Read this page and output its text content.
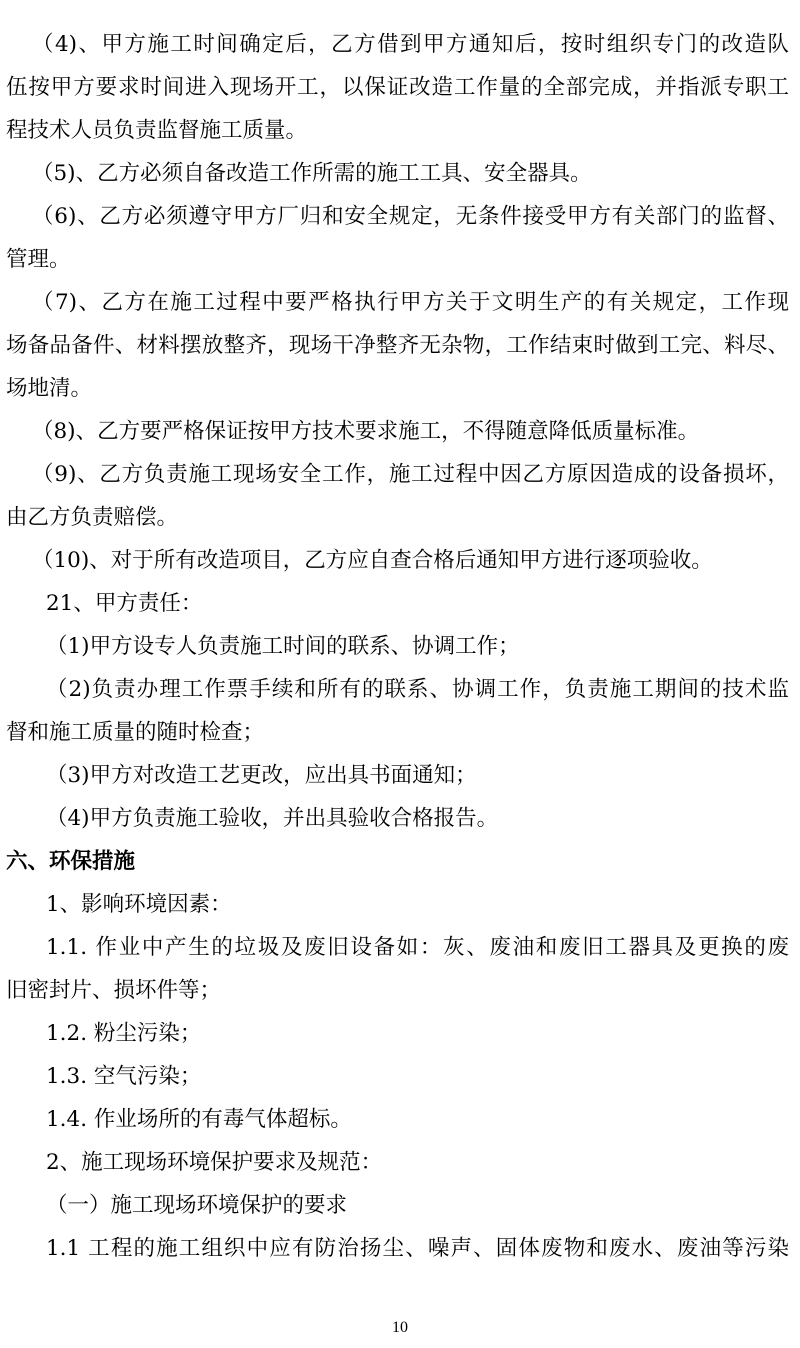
（4)、甲方施工时间确定后，乙方借到甲方通知后，按时组织专门的改造队
伍按甲方要求时间进入现场开工，以保证改造工作量的全部完成，并指派专职工
程技术人员负责监督施工质量。
（5)、乙方必须自备改造工作所需的施工工具、安全器具。
（6)、乙方必须遵守甲方厂归和安全规定，无条件接受甲方有关部门的监督、
管理。
（7)、乙方在施工过程中要严格执行甲方关于文明生产的有关规定，工作现
场备品备件、材料摆放整齐，现场干净整齐无杂物，工作结束时做到工完、料尽、
场地清。
（8)、乙方要严格保证按甲方技术要求施工，不得随意降低质量标准。
（9)、乙方负责施工现场安全工作，施工过程中因乙方原因造成的设备损坏，
由乙方负责赔偿。
（10)、对于所有改造项目，乙方应自查合格后通知甲方进行逐项验收。
21、甲方责任：
（1)甲方设专人负责施工时间的联系、协调工作；
（2)负责办理工作票手续和所有的联系、协调工作，负责施工期间的技术监
督和施工质量的随时检查；
（3)甲方对改造工艺更改，应出具书面通知；
（4)甲方负责施工验收，并出具验收合格报告。
六、环保措施
1、影响环境因素：
1.1. 作业中产生的垃圾及废旧设备如：灰、废油和废旧工器具及更换的废
旧密封片、损坏件等；
1.2. 粉尘污染；
1.3. 空气污染；
1.4. 作业场所的有毒气体超标。
2、施工现场环境保护要求及规范：
（一）施工现场环境保护的要求
1.1 工程的施工组织中应有防治扬尘、噪声、固体废物和废水、废油等污染
10
